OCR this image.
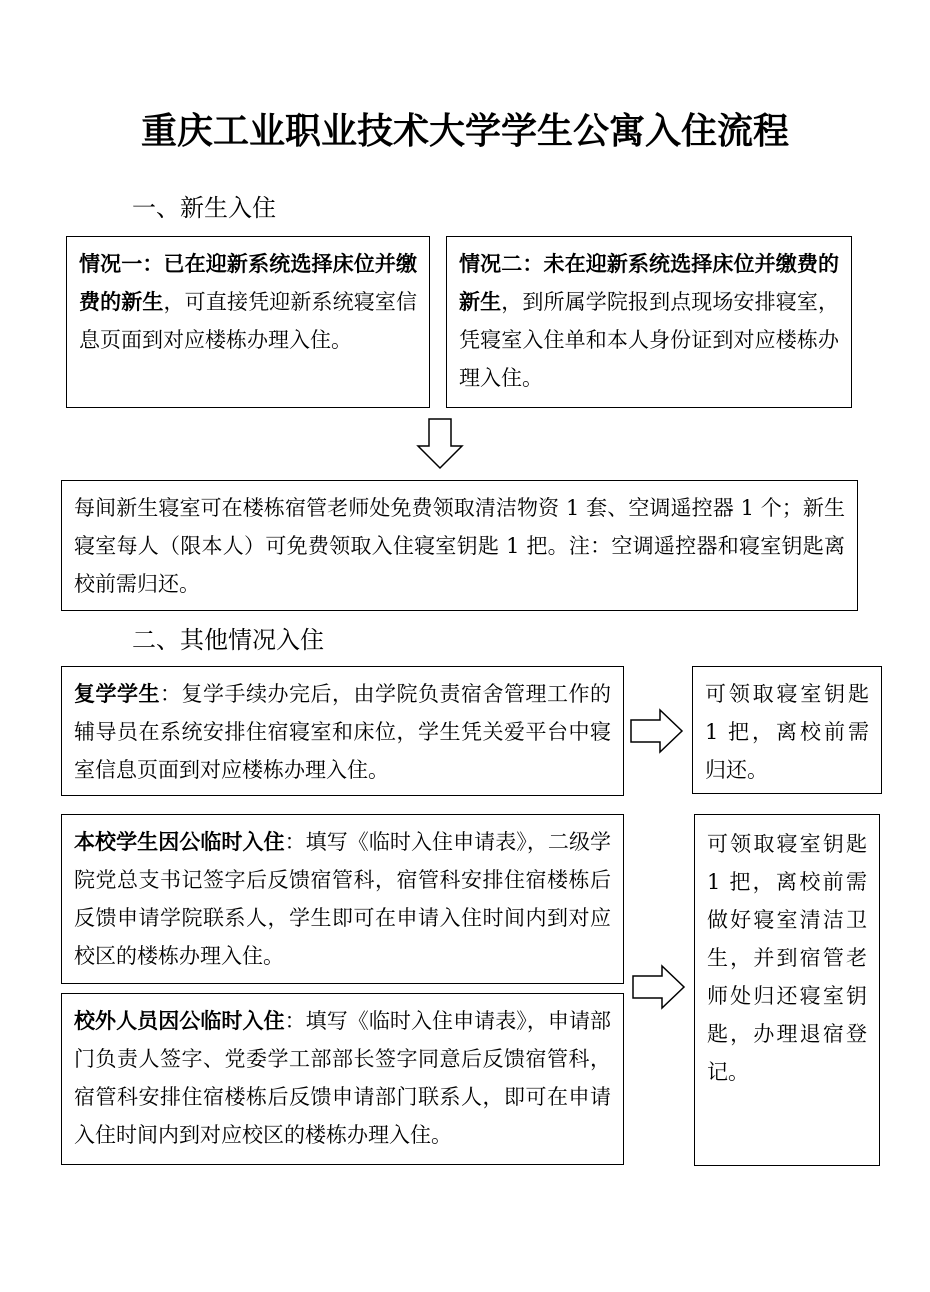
重庆工业职业技术大学学生公寓入住流程
一、新生入住
情况一：已在迎新系统选择床位并缴费的新生，可直接凭迎新系统寝室信息页面到对应楼栋办理入住。
情况二：未在迎新系统选择床位并缴费的新生，到所属学院报到点现场安排寝室，凭寝室入住单和本人身份证到对应楼栋办理入住。
每间新生寝室可在楼栋宿管老师处免费领取清洁物资 1 套、空调遥控器 1 个；新生寝室每人（限本人）可免费领取入住寝室钥匙 1 把。注：空调遥控器和寝室钥匙离校前需归还。
二、其他情况入住
复学学生：复学手续办完后，由学院负责宿舍管理工作的辅导员在系统安排住宿寝室和床位，学生凭关爱平台中寝室信息页面到对应楼栋办理入住。
可领取寝室钥匙 1 把，离校前需归还。
本校学生因公临时入住：填写《临时入住申请表》，二级学院党总支书记签字后反馈宿管科，宿管科安排住宿楼栋后反馈申请学院联系人，学生即可在申请入住时间内到对应校区的楼栋办理入住。
校外人员因公临时入住：填写《临时入住申请表》，申请部门负责人签字、党委学工部部长签字同意后反馈宿管科，宿管科安排住宿楼栋后反馈申请部门联系人，即可在申请入住时间内到对应校区的楼栋办理入住。
可领取寝室钥匙 1 把，离校前需做好寝室清洁卫生，并到宿管老师处归还寝室钥匙，办理退宿登记。
